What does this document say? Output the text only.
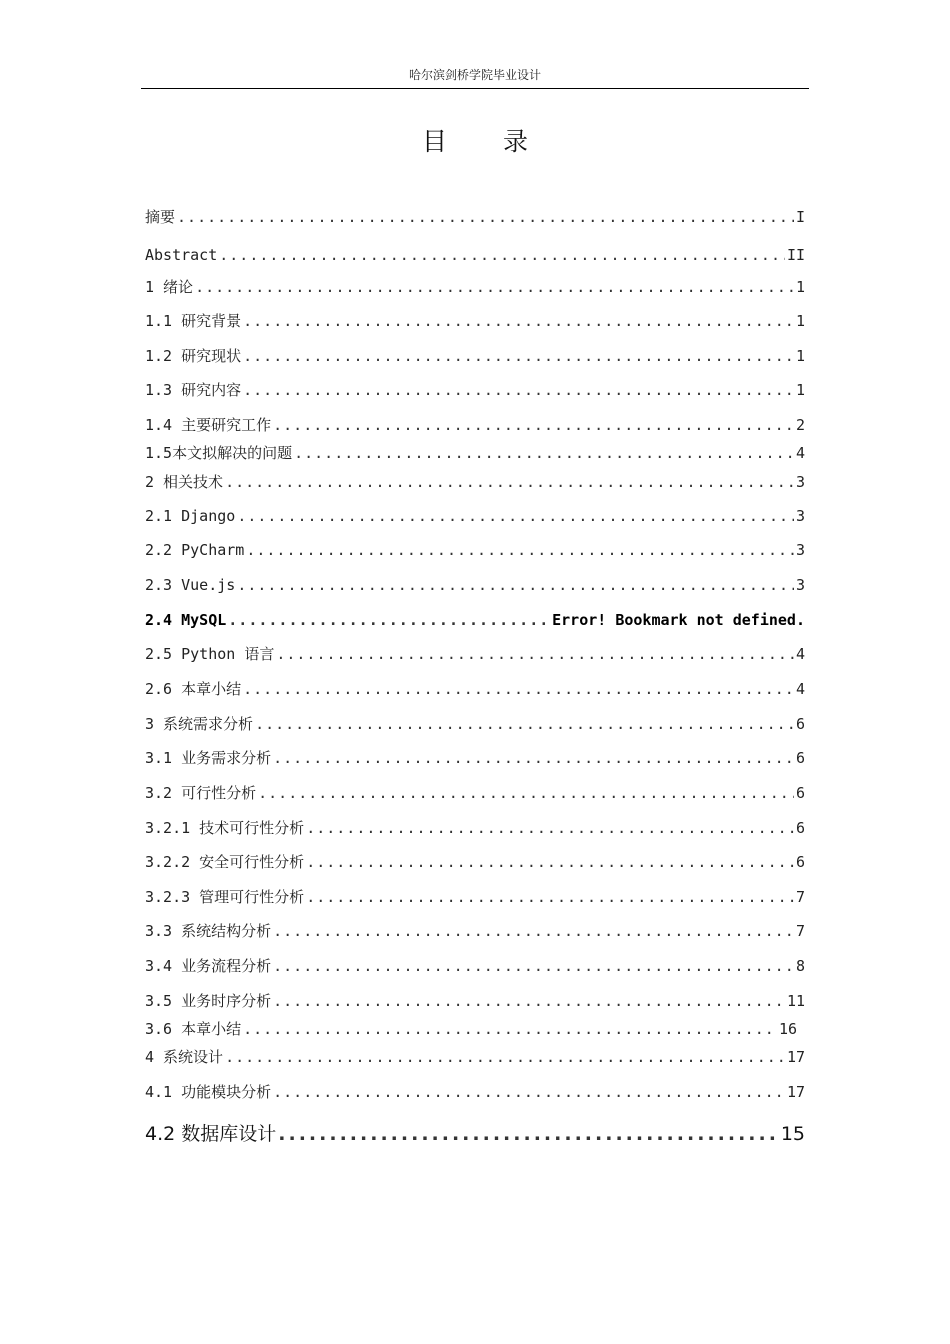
哈尔滨剑桥学院毕业设计
目 录
摘要 .....	I
Abstract .....	II
1 绪论 .....	1
1.1 研究背景 .....	1
1.2 研究现状 .....	1
1.3 研究内容 .....	1
1.4 主要研究工作 .....	2
1.5本文拟解决的问题 .....	4
2 相关技术 .....	3
2.1 Django .....	3
2.2 PyCharm .....	3
2.3 Vue.js .....	3
2.4 MySQL .....	Error! Bookmark not defined.
2.5 Python 语言 .....	4
2.6 本章小结 .....	4
3 系统需求分析 .....	6
3.1 业务需求分析 .....	6
3.2 可行性分析 .....	6
3.2.1 技术可行性分析 .....	6
3.2.2 安全可行性分析 .....	6
3.2.3 管理可行性分析 .....	7
3.3 系统结构分析 .....	7
3.4 业务流程分析 .....	8
3.5 业务时序分析 .....	11
3.6 本章小结 .....	16
4 系统设计 .....	17
4.1 功能模块分析 .....	17
4.2 数据库设计 .....	15
